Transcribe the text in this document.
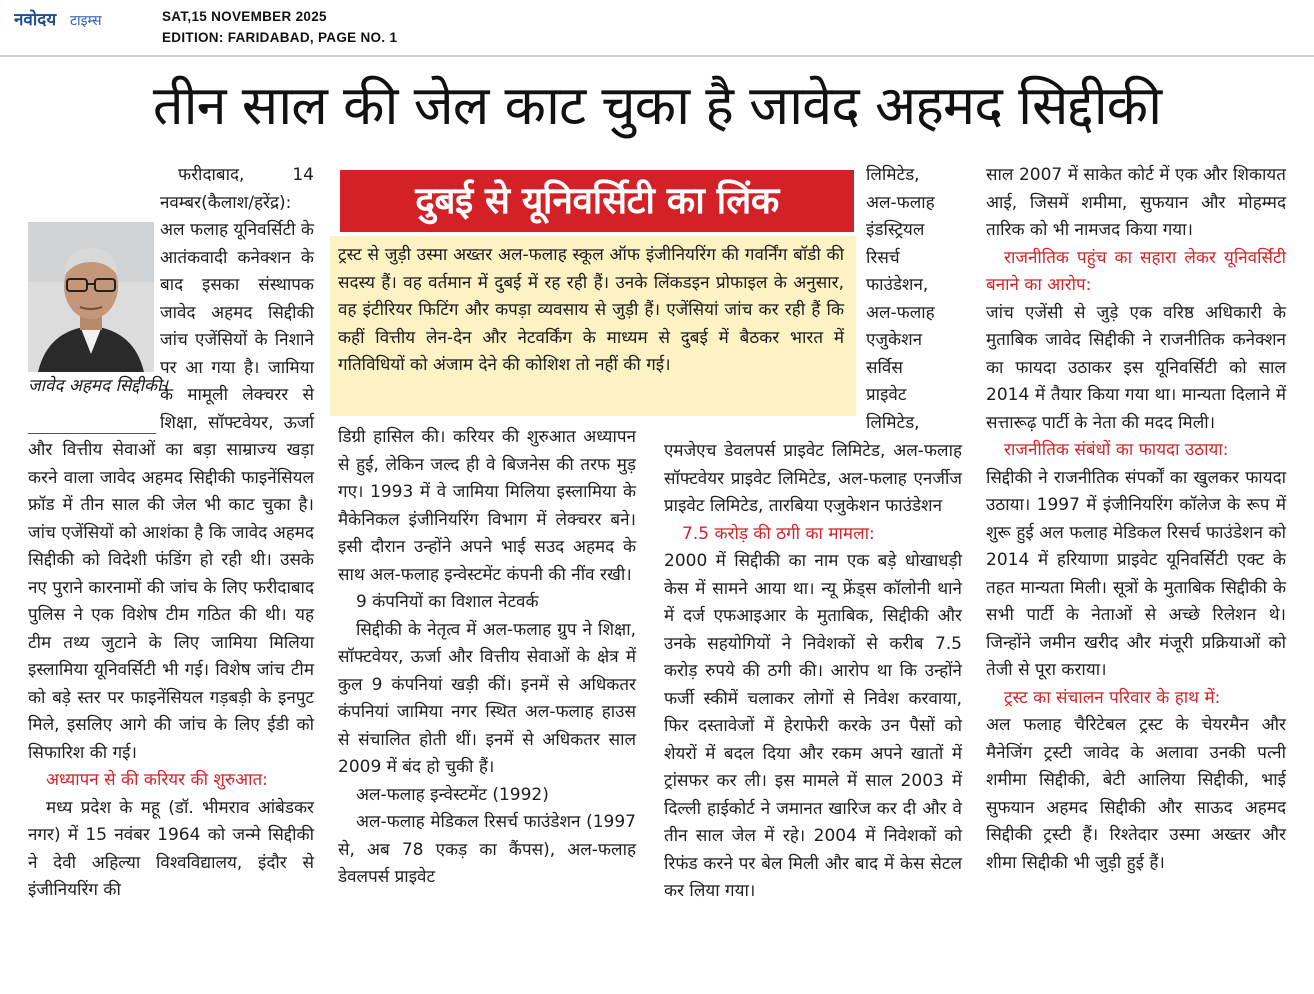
नवोदय टाइम्स	SAT,15 NOVEMBER 2025
EDITION: FARIDABAD, PAGE NO. 1
तीन साल की जेल काट चुका है जावेद अहमद सिद्दीकी

फरीदाबाद, 14 नवम्बर(कैलाश/हरेंद्र): अल फलाह यूनिवर्सिटी के आतंकवादी कनेक्शन के बाद इसका संस्थापक जावेद अहमद सिद्दीकी जांच एजेंसियों के निशाने पर आ गया है। जामिया के मामूली लेक्चरर से शिक्षा, सॉफ्टवेयर, ऊर्जा और वित्तीय सेवाओं का बड़ा साम्राज्य खड़ा करने वाला जावेद अहमद सिद्दीकी फाइनेंसियल फ्रॉड में तीन साल की जेल भी काट चुका है। जांच एजेंसियों को आशंका है कि जावेद अहमद सिद्दीकी को विदेशी फंडिंग हो रही थी। उसके नए पुराने कारनामों की जांच के लिए फरीदाबाद पुलिस ने एक विशेष टीम गठित की थी। यह टीम तथ्य जुटाने के लिए जामिया मिलिया इस्लामिया यूनिवर्सिटी भी गई। विशेष जांच टीम को बड़े स्तर पर फाइनेंसियल गड़बड़ी के इनपुट मिले, इसलिए आगे की जांच के लिए ईडी को सिफारिश की गई।

अध्यापन से की करियर की शुरुआत:

मध्य प्रदेश के महू (डॉ. भीमराव आंबेडकर नगर) में 15 नवंबर 1964 को जन्मे सिद्दीकी ने देवी अहिल्या विश्वविद्यालय, इंदौर से इंजीनियरिंग की

जावेद अहमद सिद्दीकी।
दुबई से यूनिवर्सिटी का लिंक

ट्रस्ट से जुड़ी उस्मा अख्तर अल-फलाह स्कूल ऑफ इंजीनियरिंग की गवर्निंग बॉडी की सदस्य हैं। वह वर्तमान में दुबई में रह रही हैं। उनके लिंकडइन प्रोफाइल के अनुसार, वह इंटीरियर फिटिंग और कपड़ा व्यवसाय से जुड़ी हैं। एजेंसियां जांच कर रही हैं कि कहीं वित्तीय लेन-देन और नेटवर्किंग के माध्यम से दुबई में बैठकर भारत में गतिविधियों को अंजाम देने की कोशिश तो नहीं की गई।

डिग्री हासिल की। करियर की शुरुआत अध्यापन से हुई, लेकिन जल्द ही वे बिजनेस की तरफ मुड़ गए। 1993 में वे जामिया मिलिया इस्लामिया के मैकेनिकल इंजीनियरिंग विभाग में लेक्चरर बने। इसी दौरान उन्होंने अपने भाई सउद अहमद के साथ अल-फलाह इन्वेस्टमेंट कंपनी की नींव रखी।

9 कंपनियों का विशाल नेटवर्क

सिद्दीकी के नेतृत्व में अल-फलाह ग्रुप ने शिक्षा, सॉफ्टवेयर, ऊर्जा और वित्तीय सेवाओं के क्षेत्र में कुल 9 कंपनियां खड़ी कीं। इनमें से अधिकतर कंपनियां जामिया नगर स्थित अल-फलाह हाउस से संचालित होती थीं। इनमें से अधिकतर साल 2009 में बंद हो चुकी हैं।

अल-फलाह इन्वेस्टमेंट (1992)

अल-फलाह मेडिकल रिसर्च फाउंडेशन (1997 से, अब 78 एकड़ का कैंपस), अल-फलाह डेवलपर्स प्राइवेट

लिमिटेड,

अल-फलाह

इंडस्ट्रियल

रिसर्च

फाउंडेशन,

अल-फलाह

एजुकेशन

सर्विस

प्राइवेट

लिमिटेड,

एमजेएच डेवलपर्स प्राइवेट लिमिटेड, अल-फलाह सॉफ्टवेयर प्राइवेट लिमिटेड, अल-फलाह एनर्जीज प्राइवेट लिमिटेड, तारबिया एजुकेशन फाउंडेशन

7.5 करोड़ की ठगी का मामला:

2000 में सिद्दीकी का नाम एक बड़े धोखाधड़ी केस में सामने आया था। न्यू फ्रेंड्स कॉलोनी थाने में दर्ज एफआइआर के मुताबिक, सिद्दीकी और उनके सहयोगियों ने निवेशकों से करीब 7.5 करोड़ रुपये की ठगी की। आरोप था कि उन्होंने फर्जी स्कीमें चलाकर लोगों से निवेश करवाया, फिर दस्तावेजों में हेराफेरी करके उन पैसों को शेयरों में बदल दिया और रकम अपने खातों में ट्रांसफर कर ली। इस मामले में साल 2003 में दिल्ली हाईकोर्ट ने जमानत खारिज कर दी और वे तीन साल जेल में रहे। 2004 में निवेशकों को रिफंड करने पर बेल मिली और बाद में केस सेटल कर लिया गया।

साल 2007 में साकेत कोर्ट में एक और शिकायत आई, जिसमें शमीमा, सुफयान और मोहम्मद तारिक को भी नामजद किया गया।

राजनीतिक पहुंच का सहारा लेकर यूनिवर्सिटी बनाने का आरोप:

जांच एजेंसी से जुड़े एक वरिष्ठ अधिकारी के मुताबिक जावेद सिद्दीकी ने राजनीतिक कनेक्शन का फायदा उठाकर इस यूनिवर्सिटी को साल 2014 में तैयार किया गया था। मान्यता दिलाने में सत्तारूढ़ पार्टी के नेता की मदद मिली।

राजनीतिक संबंधों का फायदा उठाया:

सिद्दीकी ने राजनीतिक संपर्कों का खुलकर फायदा उठाया। 1997 में इंजीनियरिंग कॉलेज के रूप में शुरू हुई अल फलाह मेडिकल रिसर्च फाउंडेशन को 2014 में हरियाणा प्राइवेट यूनिवर्सिटी एक्ट के तहत मान्यता मिली। सूत्रों के मुताबिक सिद्दीकी के सभी पार्टी के नेताओं से अच्छे रिलेशन थे। जिन्होंने जमीन खरीद और मंजूरी प्रक्रियाओं को तेजी से पूरा कराया।

ट्रस्ट का संचालन परिवार के हाथ में:

अल फलाह चैरिटेबल ट्रस्ट के चेयरमैन और मैनेजिंग ट्रस्टी जावेद के अलावा उनकी पत्नी शमीमा सिद्दीकी, बेटी आलिया सिद्दीकी, भाई सुफयान अहमद सिद्दीकी और साऊद अहमद सिद्दीकी ट्रस्टी हैं। रिश्तेदार उस्मा अख्तर और शीमा सिद्दीकी भी जुड़ी हुई हैं।
